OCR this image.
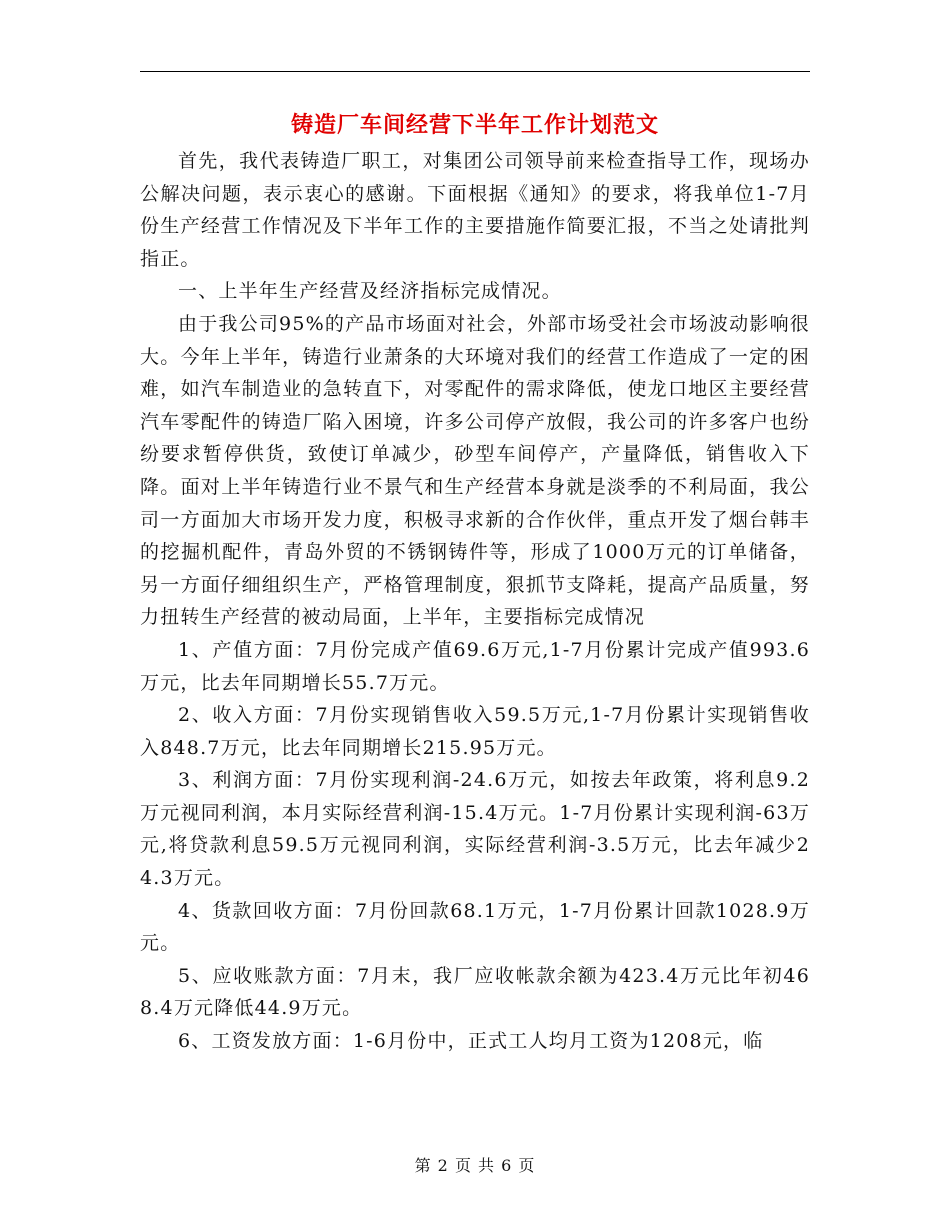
铸造厂车间经营下半年工作计划范文

首先，我代表铸造厂职工，对集团公司领导前来检查指导工作，现场办公解决问题，表示衷心的感谢。下面根据《通知》的要求，将我单位1-7月份生产经营工作情况及下半年工作的主要措施作简要汇报，不当之处请批判指正。

一、上半年生产经营及经济指标完成情况。

由于我公司95%的产品市场面对社会，外部市场受社会市场波动影响很大。今年上半年，铸造行业萧条的大环境对我们的经营工作造成了一定的困难，如汽车制造业的急转直下，对零配件的需求降低，使龙口地区主要经营汽车零配件的铸造厂陷入困境，许多公司停产放假，我公司的许多客户也纷纷要求暂停供货，致使订单减少，砂型车间停产，产量降低，销售收入下降。面对上半年铸造行业不景气和生产经营本身就是淡季的不利局面，我公司一方面加大市场开发力度，积极寻求新的合作伙伴，重点开发了烟台韩丰的挖掘机配件，青岛外贸的不锈钢铸件等，形成了1000万元的订单储备，另一方面仔细组织生产，严格管理制度，狠抓节支降耗，提高产品质量，努力扭转生产经营的被动局面，上半年，主要指标完成情况

1、产值方面：7月份完成产值69.6万元,1-7月份累计完成产值993.6万元，比去年同期增长55.7万元。

2、收入方面：7月份实现销售收入59.5万元,1-7月份累计实现销售收入848.7万元，比去年同期增长215.95万元。

3、利润方面：7月份实现利润-24.6万元，如按去年政策，将利息9.2万元视同利润，本月实际经营利润-15.4万元。1-7月份累计实现利润-63万元,将贷款利息59.5万元视同利润，实际经营利润-3.5万元，比去年减少24.3万元。

4、货款回收方面：7月份回款68.1万元，1-7月份累计回款1028.9万元。

5、应收账款方面：7月末，我厂应收帐款余额为423.4万元比年初468.4万元降低44.9万元。

6、工资发放方面：1-6月份中，正式工人均月工资为1208元，临

第 2 页 共 6 页
